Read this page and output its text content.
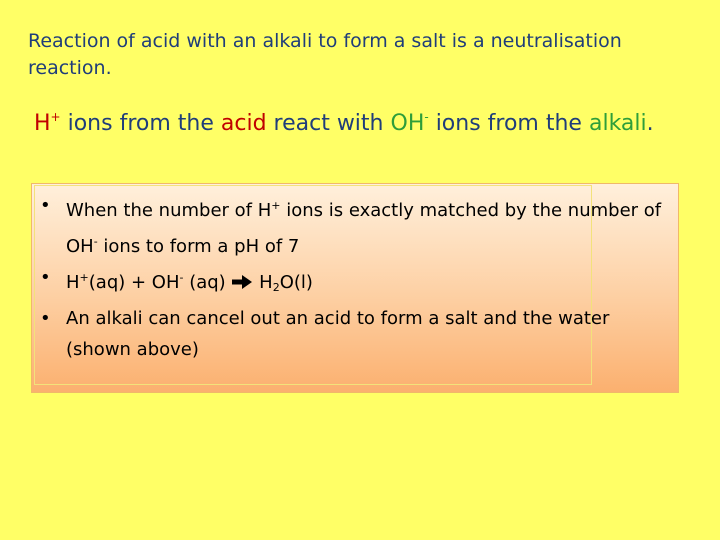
Reaction of acid with an alkali to form a salt is a neutralisation reaction.
H+ ions from the acid react with OH- ions from the alkali.
• When the number of H+ ions is exactly matched by the number of OH- ions to form a pH of 7
• H+(aq) + OH- (aq)  $H_2O(l)$
• An alkali can cancel out an acid to form a salt and the water (shown above)
